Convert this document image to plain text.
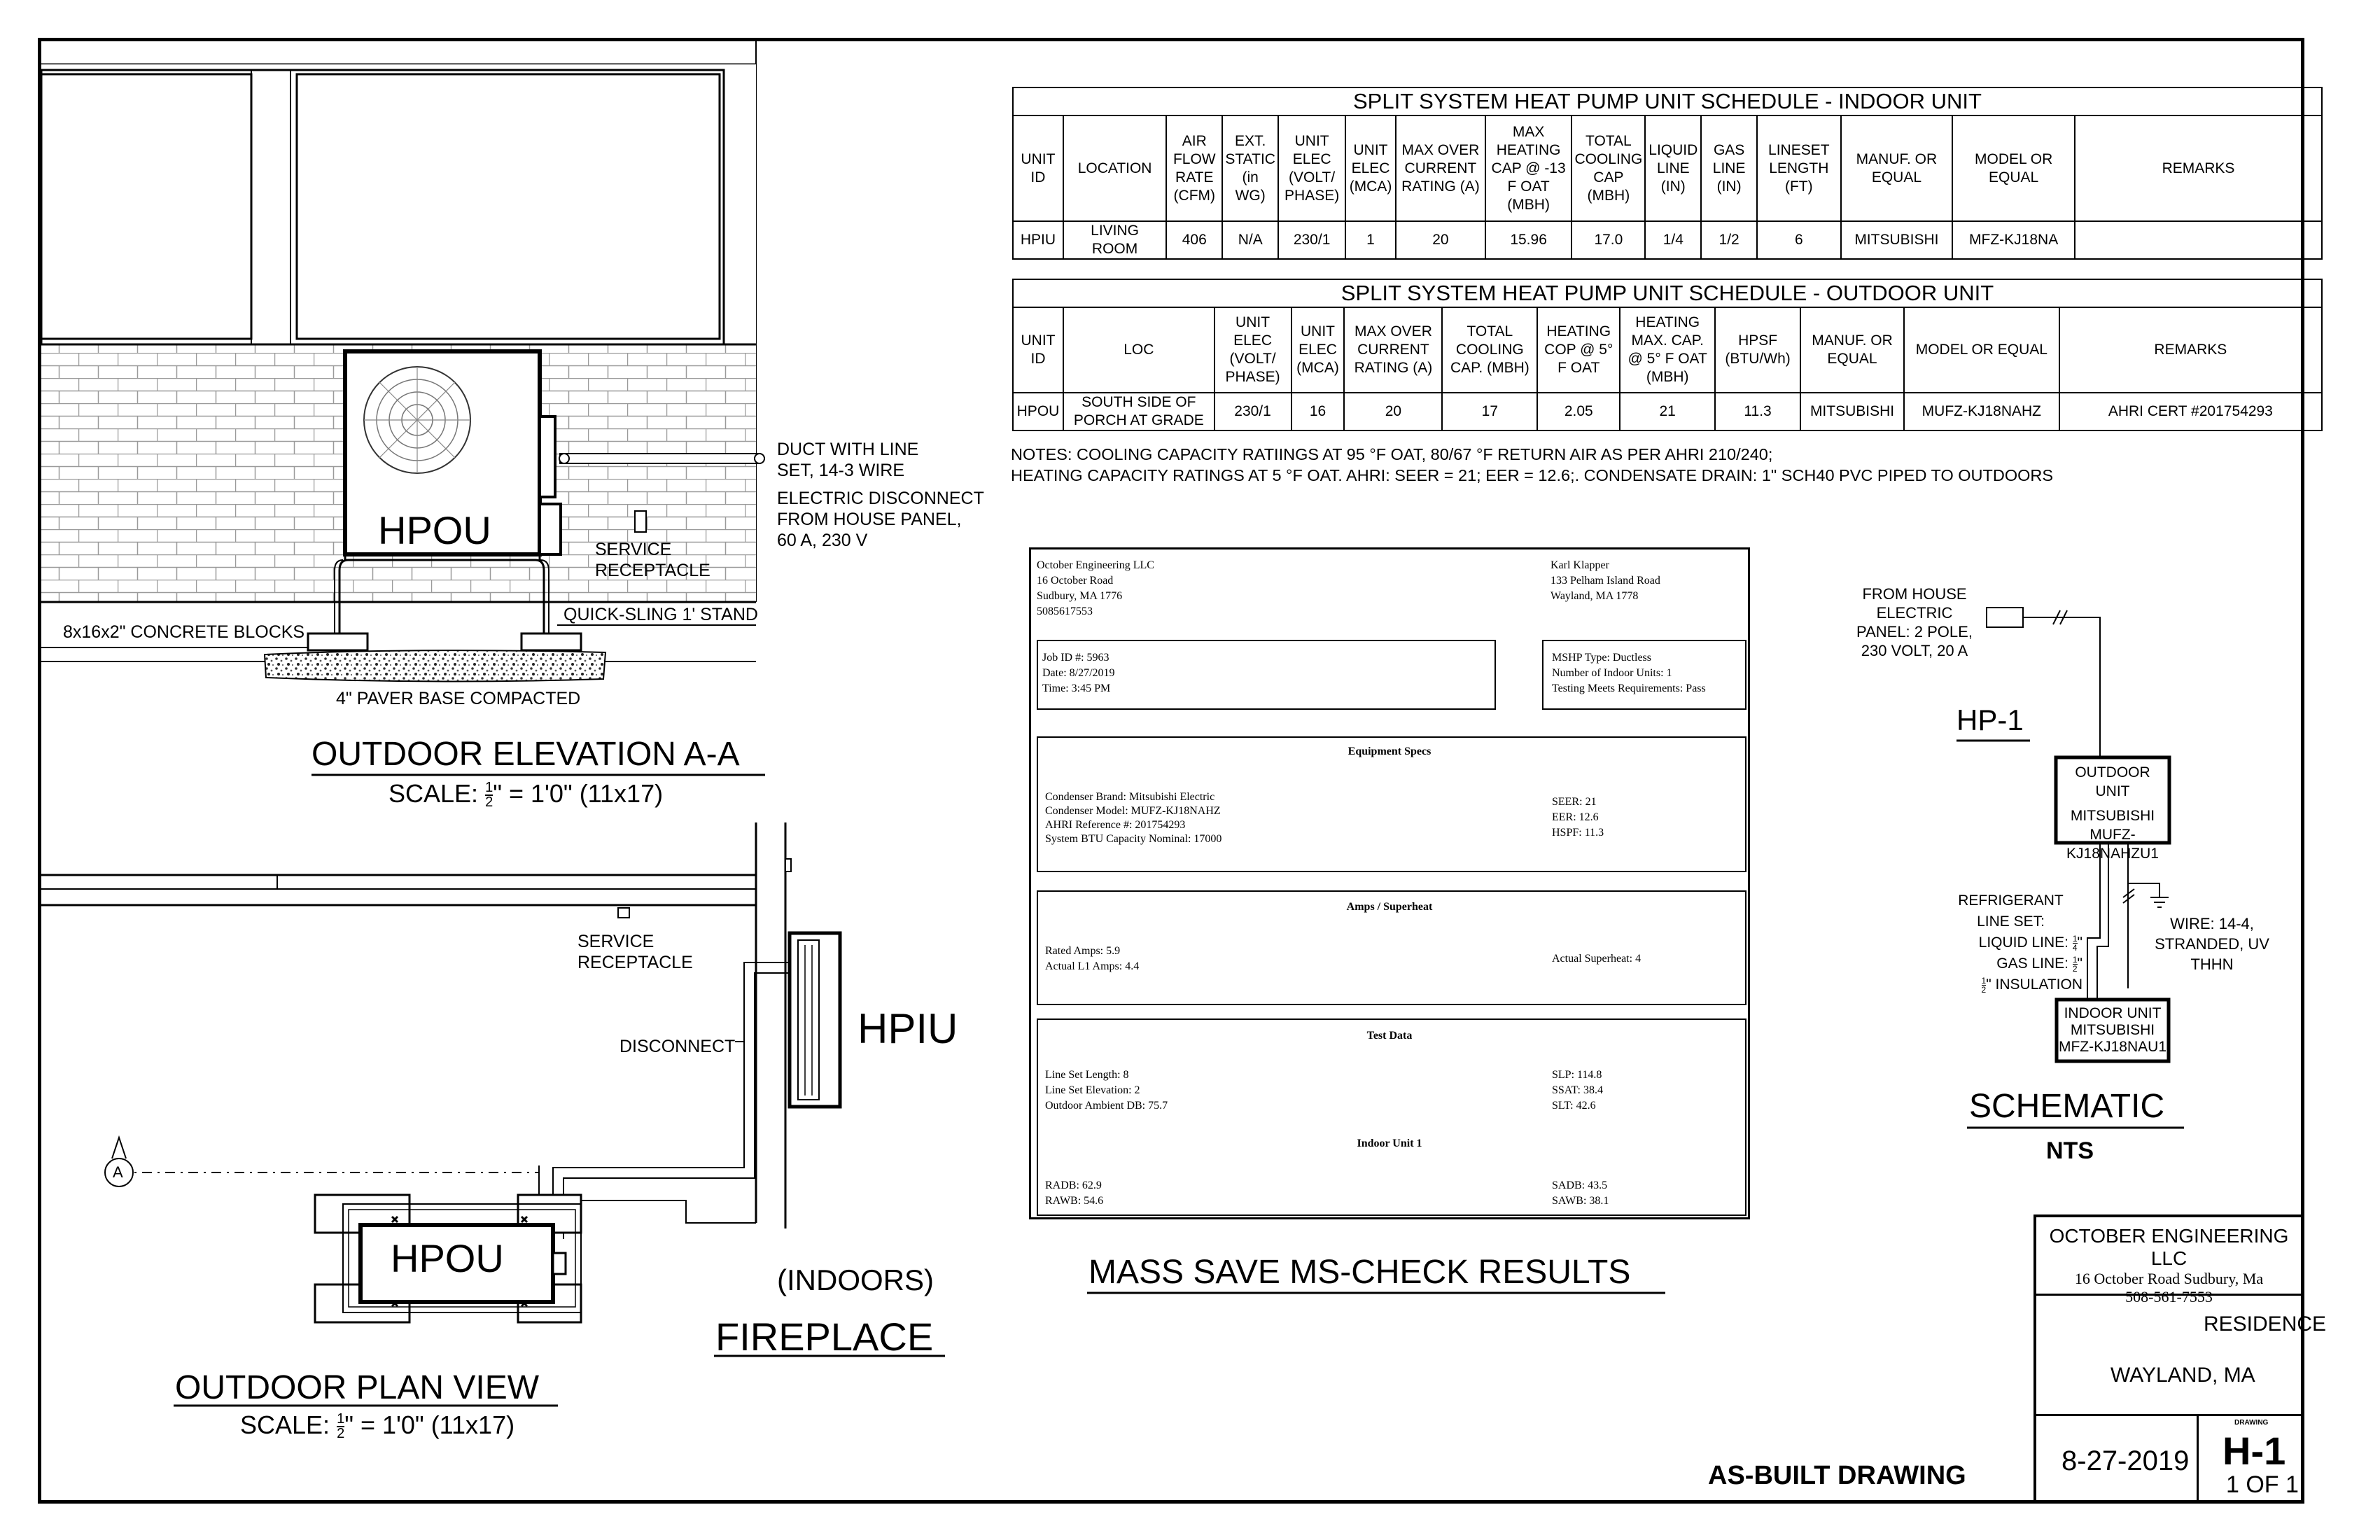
HPOU
DUCT WITH LINE
SET, 14-3 WIRE
ELECTRIC DISCONNECT
FROM HOUSE PANEL,
60 A, 230 V
SERVICE
RECEPTACLE
8x16x2" CONCRETE BLOCKS
QUICK-SLING 1' STAND
4" PAVER BASE COMPACTED
OUTDOOR ELEVATION A-A
SCALE: $\frac{1}{2}$ " = 1'0" (11x17)
SERVICE
RECEPTACLE
DISCONNECT	HPIU
HPOU
A
(INDOORS)
FIREPLACE
OUTDOOR PLAN VIEW
SCALE: $\frac{1}{2}$ " = 1'0" (11x17)
SPLIT SYSTEM HEAT PUMP UNIT SCHEDULE - INDOOR UNIT														
UNIT ID	LOCATION	AIR FLOW RATE (CFM)	EXT. STATIC (in WG)	UNIT ELEC (VOLT/ PHASE)	UNIT ELEC (MCA)	MAX OVER CURRENT RATING (A)	MAX HEATING CAP @ -13 F OAT (MBH)	TOTAL COOLING CAP (MBH)	LIQUID LINE (IN)	GAS LINE (IN)	LINESET LENGTH (FT)	MANUF. OR EQUAL	MODEL OR EQUAL	REMARKS
HPIU	LIVING ROOM	406	N/A	230/1	1	20	15.96	17.0	1/4	1/2	6	MITSUBISHI	MFZ-KJ18NA	
SPLIT SYSTEM HEAT PUMP UNIT SCHEDULE - OUTDOOR UNIT											
UNIT ID	LOC	UNIT ELEC (VOLT/ PHASE)	UNIT ELEC (MCA)	MAX OVER CURRENT RATING (A)	TOTAL COOLING CAP. (MBH)	HEATING COP @ 5° F OAT	HEATING MAX. CAP. @ 5° F OAT (MBH)	HPSF (BTU/Wh)	MANUF. OR EQUAL	MODEL OR EQUAL	REMARKS
HPOU	SOUTH SIDE OF PORCH AT GRADE	230/1	16	20	17	2.05	21	11.3	MITSUBISHI	MUFZ-KJ18NAHZ	AHRI CERT #201754293
NOTES: COOLING CAPACITY RATIINGS AT 95 °F OAT, 80/67 °F RETURN AIR AS PER AHRI 210/240;
HEATING CAPACITY RATINGS AT 5 °F OAT. AHRI: SEER = 21; EER = 12.6;. CONDENSATE DRAIN: 1" SCH40 PVC PIPED TO OUTDOORS
October Engineering LLC
16 October Road
Sudbury, MA 1776
5085617553
Karl Klapper
133 Pelham Island Road
Wayland, MA 1778
Job ID #: 5963
Date: 8/27/2019
Time: 3:45 PM
MSHP Type: Ductless
Number of Indoor Units: 1
Testing Meets Requirements: Pass
Equipment Specs
Condenser Brand: Mitsubishi Electric
Condenser Model: MUFZ-KJ18NAHZ
AHRI Reference #: 201754293
System BTU Capacity Nominal: 17000
SEER: 21
EER: 12.6
HSPF: 11.3
Amps / Superheat
Rated Amps: 5.9
Actual L1 Amps: 4.4
Actual Superheat: 4
Test Data
Line Set Length: 8
Line Set Elevation: 2
Outdoor Ambient DB: 75.7
SLP: 114.8
SSAT: 38.4
SLT: 42.6
Indoor Unit 1
RADB: 62.9
RAWB: 54.6
SADB: 43.5
SAWB: 38.1
MASS SAVE MS-CHECK RESULTS
FROM HOUSE
ELECTRIC
PANEL: 2 POLE,
230 VOLT, 20 A
HP-1
OUTDOOR UNIT
MITSUBISHI
MUFZ-KJ18NAHZU1
REFRIGERANT
LINE SET:
LIQUID LINE: $\frac{1}{4}$ "
GAS LINE: $\frac{1}{2}$ "
$\frac{1}{2}$ " INSULATION
WIRE: 14-4,
STRANDED, UV
THHN
INDOOR UNIT
MITSUBISHI
MFZ-KJ18NAU1
SCHEMATIC
NTS
OCTOBER ENGINEERING LLC
16 October Road Sudbury, Ma
508-561-7553
RESIDENCE
WAYLAND, MA
8-27-2019
DRAWING
H-1
1 OF 1
AS-BUILT DRAWING
